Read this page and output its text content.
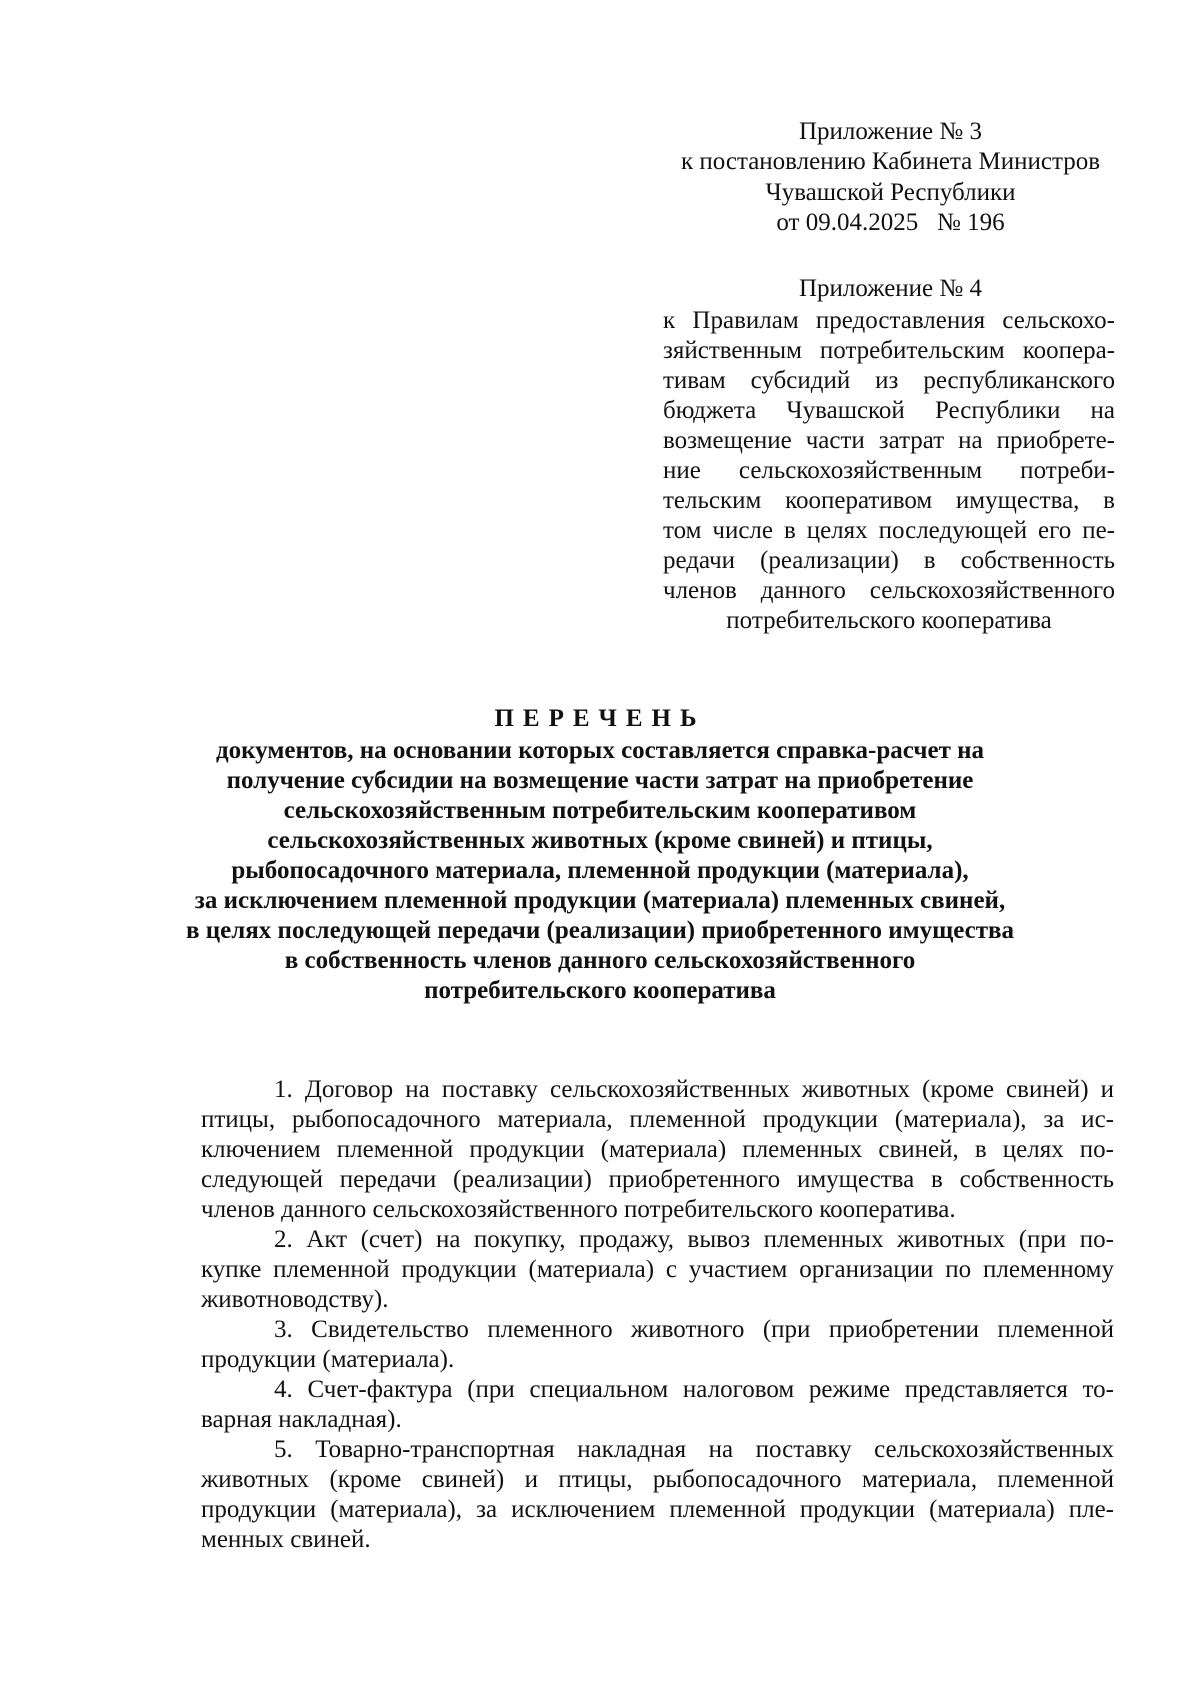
Приложение № 3
к постановлению Кабинета Министров
Чувашской Республики
от 09.04.2025   № 196
Приложение № 4
к Правилам предоставления сельскохо-
зяйственным потребительским коопера-
тивам субсидий из республиканского
бюджета Чувашской Республики на
возмещение части затрат на приобрете-
ние сельскохозяйственным потреби-
тельским кооперативом имущества, в
том числе в целях последующей его пе-
редачи (реализации) в собственность
членов данного сельскохозяйственного
потребительского кооператива
ПЕРЕЧЕНЬ
документов, на основании которых составляется справка-расчет на
получение субсидии на возмещение части затрат на приобретение
сельскохозяйственным потребительским кооперативом
сельскохозяйственных животных (кроме свиней) и птицы,
рыбопосадочного материала, племенной продукции (материала),
за исключением племенной продукции (материала) племенных свиней,
в целях последующей передачи (реализации) приобретенного имущества
в собственность членов данного сельскохозяйственного
потребительского кооператива
1. Договор на поставку сельскохозяйственных животных (кроме свиней) и
птицы, рыбопосадочного материала, племенной продукции (материала), за ис-
ключением племенной продукции (материала) племенных свиней, в целях по-
следующей передачи (реализации) приобретенного имущества в собственность
членов данного сельскохозяйственного потребительского кооператива.
2. Акт (счет) на покупку, продажу, вывоз племенных животных (при по-
купке племенной продукции (материала) с участием организации по племенному
животноводству).
3. Свидетельство племенного животного (при приобретении племенной
продукции (материала).
4. Счет-фактура (при специальном налоговом режиме представляется то-
варная накладная).
5. Товарно-транспортная накладная на поставку сельскохозяйственных
животных (кроме свиней) и птицы, рыбопосадочного материала, племенной
продукции (материала), за исключением племенной продукции (материала) пле-
менных свиней.
